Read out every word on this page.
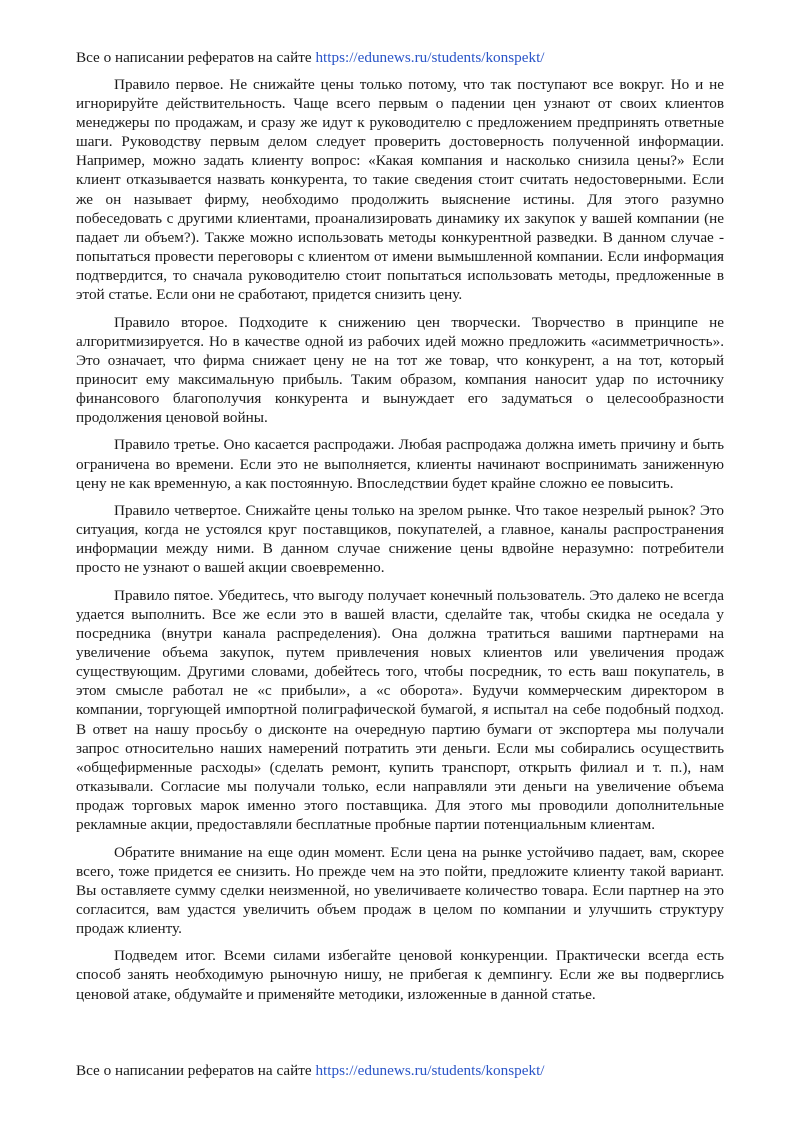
Все о написании рефератов на сайте https://edunews.ru/students/konspekt/

Правило первое. Не снижайте цены только потому, что так поступают все вокруг. Но и не игнорируйте действительность. Чаще всего первым о падении цен узнают от своих клиентов менеджеры по продажам, и сразу же идут к руководителю с предложением предпринять ответные шаги. Руководству первым делом следует проверить достоверность полученной информации. Например, можно задать клиенту вопрос: «Какая компания и насколько снизила цены?» Если клиент отказывается назвать конкурента, то такие сведения стоит считать недостоверными. Если же он называет фирму, необходимо продолжить выяснение истины. Для этого разумно побеседовать с другими клиентами, проанализировать динамику их закупок у вашей компании (не падает ли объем?). Также можно использовать методы конкурентной разведки. В данном случае - попытаться провести переговоры с клиентом от имени вымышленной компании. Если информация подтвердится, то сначала руководителю стоит попытаться использовать методы, предложенные в этой статье. Если они не сработают, придется снизить цену.

Правило второе. Подходите к снижению цен творчески. Творчество в принципе не алгоритмизируется. Но в качестве одной из рабочих идей можно предложить «асимметричность». Это означает, что фирма снижает цену не на тот же товар, что конкурент, а на тот, который приносит ему максимальную прибыль. Таким образом, компания наносит удар по источнику финансового благополучия конкурента и вынуждает его задуматься о целесообразности продолжения ценовой войны.

Правило третье. Оно касается распродажи. Любая распродажа должна иметь причину и быть ограничена во времени. Если это не выполняется, клиенты начинают воспринимать заниженную цену не как временную, а как постоянную. Впоследствии будет крайне сложно ее повысить.

Правило четвертое. Снижайте цены только на зрелом рынке. Что такое незрелый рынок? Это ситуация, когда не устоялся круг поставщиков, покупателей, а главное, каналы распространения информации между ними. В данном случае снижение цены вдвойне неразумно: потребители просто не узнают о вашей акции своевременно.

Правило пятое. Убедитесь, что выгоду получает конечный пользователь. Это далеко не всегда удается выполнить. Все же если это в вашей власти, сделайте так, чтобы скидка не оседала у посредника (внутри канала распределения). Она должна тратиться вашими партнерами на увеличение объема закупок, путем привлечения новых клиентов или увеличения продаж существующим. Другими словами, добейтесь того, чтобы посредник, то есть ваш покупатель, в этом смысле работал не «с прибыли», а «с оборота». Будучи коммерческим директором в компании, торгующей импортной полиграфической бумагой, я испытал на себе подобный подход. В ответ на нашу просьбу о дисконте на очередную партию бумаги от экспортера мы получали запрос относительно наших намерений потратить эти деньги. Если мы собирались осуществить «общефирменные расходы» (сделать ремонт, купить транспорт, открыть филиал и т. п.), нам отказывали. Согласие мы получали только, если направляли эти деньги на увеличение объема продаж торговых марок именно этого поставщика. Для этого мы проводили дополнительные рекламные акции, предоставляли бесплатные пробные партии потенциальным клиентам.

Обратите внимание на еще один момент. Если цена на рынке устойчиво падает, вам, скорее всего, тоже придется ее снизить. Но прежде чем на это пойти, предложите клиенту такой вариант. Вы оставляете сумму сделки неизменной, но увеличиваете количество товара. Если партнер на это согласится, вам удастся увеличить объем продаж в целом по компании и улучшить структуру продаж клиенту.

Подведем итог. Всеми силами избегайте ценовой конкуренции. Практически всегда есть способ занять необходимую рыночную нишу, не прибегая к демпингу. Если же вы подверглись ценовой атаке, обдумайте и применяйте методики, изложенные в данной статье.

Все о написании рефератов на сайте https://edunews.ru/students/konspekt/
